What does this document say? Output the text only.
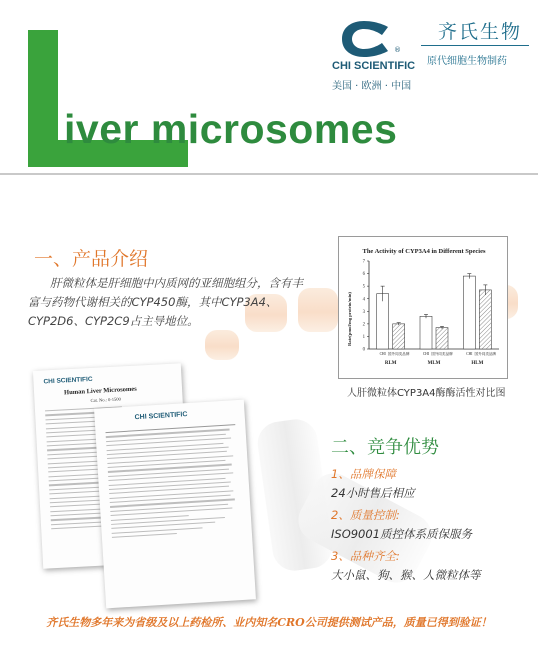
iver microsomes
®
CHI SCIENTIFIC
美国 · 欧洲 · 中国
齐氏生物
原代细胞生物制药
一、产品介绍
肝微粒体是肝细胞中内质网的亚细胞组分，含有丰富与药物代谢相关的CYP450酶，其中CYP3A4、CYP2D6、CYP2C9占主导地位。
The Activity of CYP3A4 in Different Species
Rate(pmol/mg protein/min)
0
1
2
3
4
5
6
7
CHI 国外同类品牌
RLM
CHI 国外同类品牌
MLM
CHI 国外同类品牌
HLM
人肝微粒体CYP3A4酶酶活性对比图
CHI SCIENTIFIC
Human Liver Microsomes
Cat. No.: 0-1500
CHI SCIENTIFIC
二、竞争优势
1、品牌保障
24小时售后相应
2、质量控制:
ISO9001质控体系质保服务
3、品种齐全:
大小鼠、狗、猴、人微粒体等
齐氏生物多年来为省级及以上药检所、业内知名CRO公司提供测试产品，质量已得到验证！
